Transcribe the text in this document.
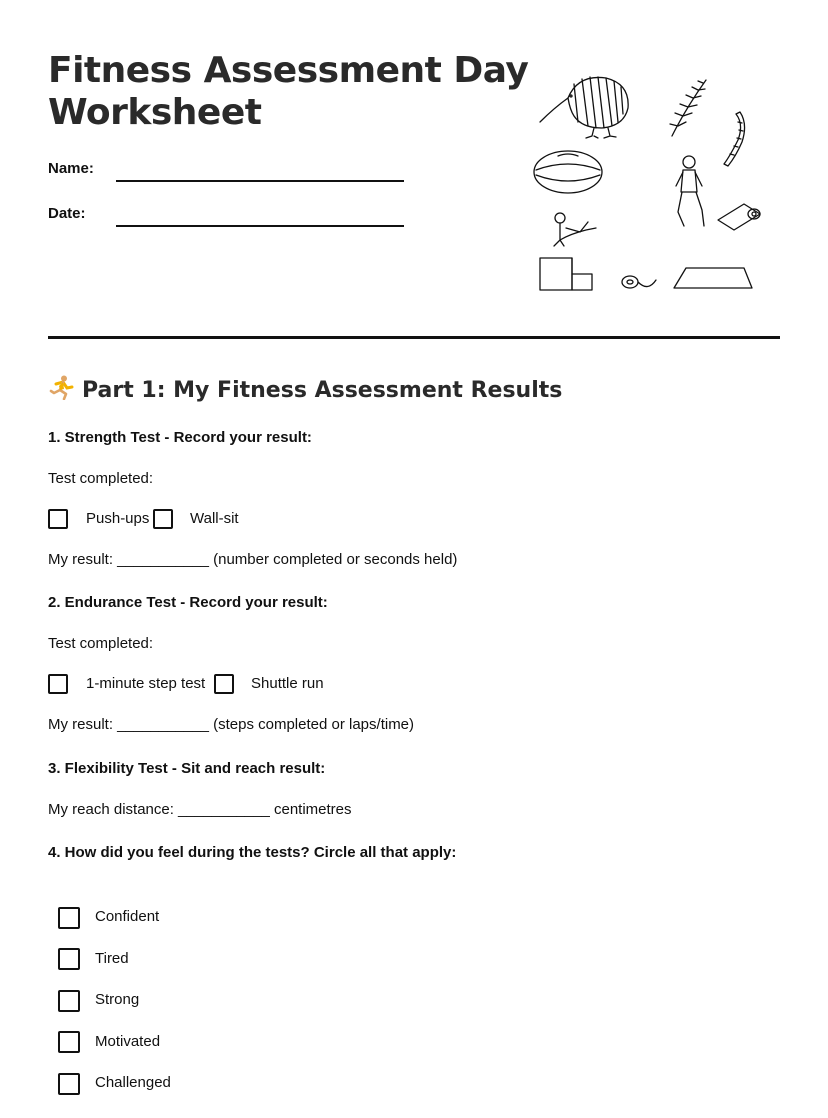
Fitness Assessment Day
Worksheet
Name:
Date:
Part 1: My Fitness Assessment Results
1. Strength Test - Record your result:
Test completed:
Push-ups	Wall-sit
My result: ___________ (number completed or seconds held)
2. Endurance Test - Record your result:
Test completed:
1-minute step test	Shuttle run
My result: ___________ (steps completed or laps/time)
3. Flexibility Test - Sit and reach result:
My reach distance: ___________ centimetres
4. How did you feel during the tests? Circle all that apply:
Confident
Tired
Strong
Motivated
Challenged
